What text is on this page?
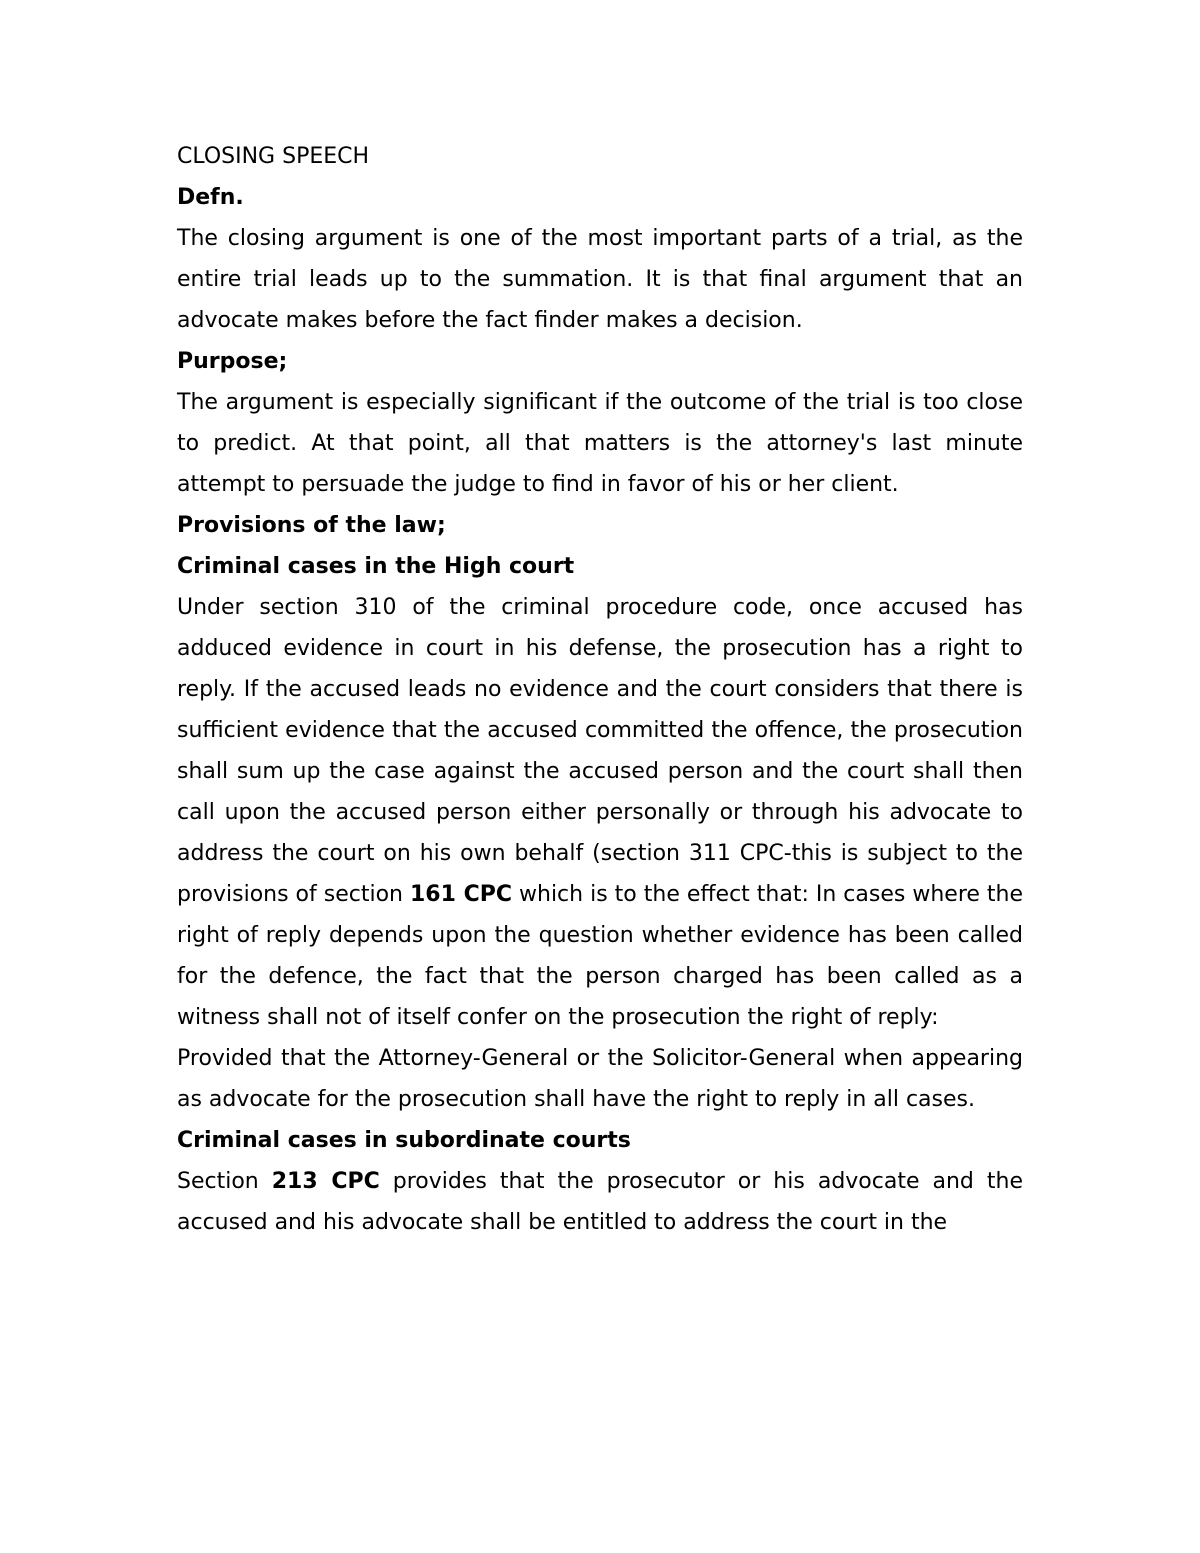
CLOSING SPEECH

Defn.

The closing argument is one of the most important parts of a trial, as the entire trial leads up to the summation. It is that final argument that an advocate makes before the fact finder makes a decision.

Purpose;

The argument is especially significant if the outcome of the trial is too close to predict. At that point, all that matters is the attorney's last minute attempt to persuade the judge to find in favor of his or her client.

Provisions of the law;

Criminal cases in the High court

Under section 310 of the criminal procedure code, once accused has adduced evidence in court in his defense, the prosecution has a right to reply. If the accused leads no evidence and the court considers that there is sufficient evidence that the accused committed the offence, the prosecution shall sum up the case against the accused person and the court shall then call upon the accused person either personally or through his advocate to address the court on his own behalf (section 311 CPC-this is subject to the provisions of section 161 CPC which is to the effect that: In cases where the right of reply depends upon the question whether evidence has been called for the defence, the fact that the person charged has been called as a witness shall not of itself confer on the prosecution the right of reply:

Provided that the Attorney-General or the Solicitor-General when appearing as advocate for the prosecution shall have the right to reply in all cases.

Criminal cases in subordinate courts

Section 213 CPC provides that the prosecutor or his advocate and the accused and his advocate shall be entitled to address the court in the
